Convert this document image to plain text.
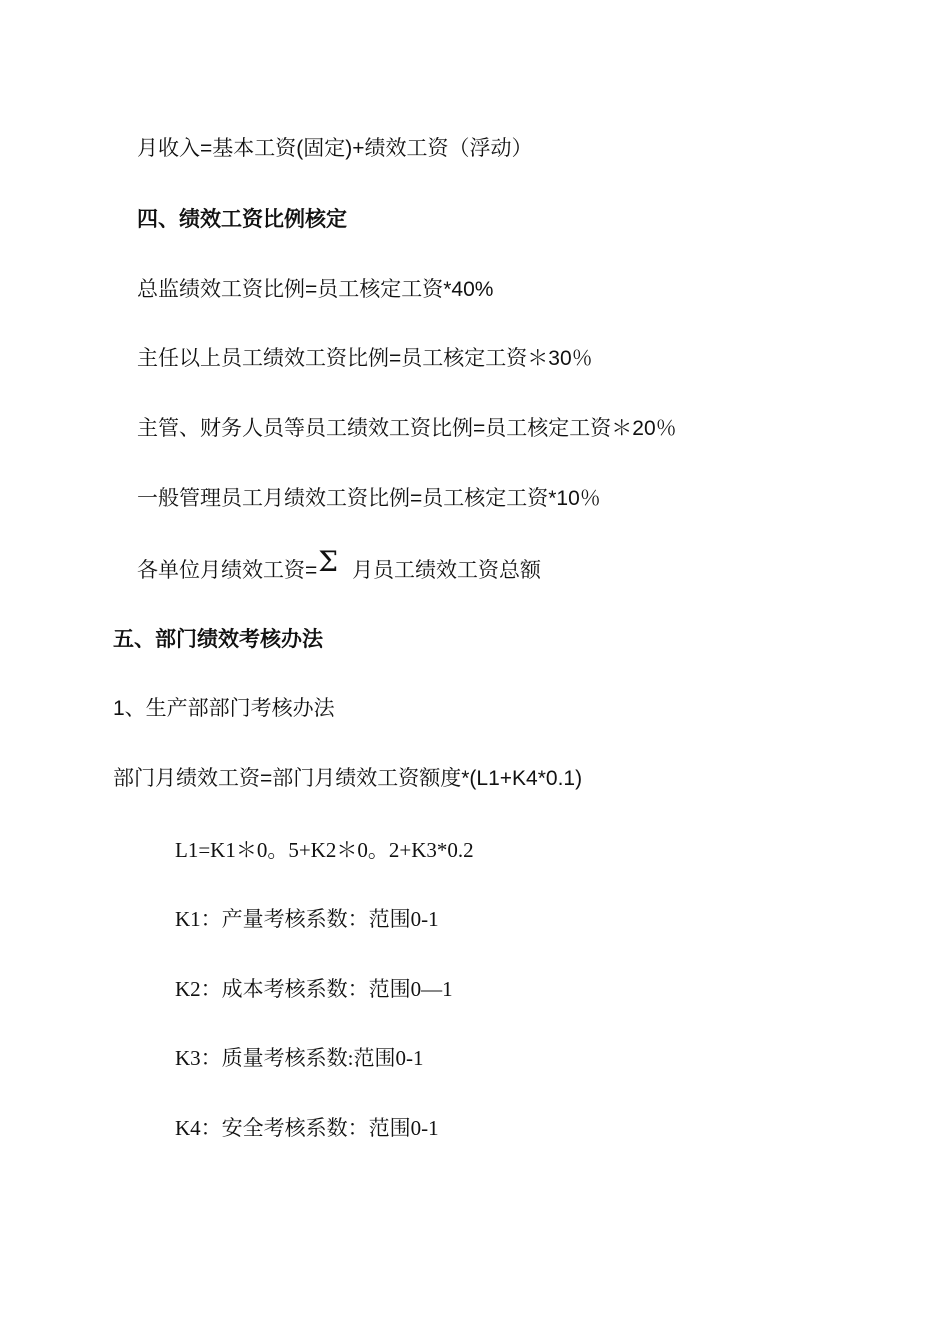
月收入=基本工资(固定)+绩效工资（浮动）
四、绩效工资比例核定
总监绩效工资比例=员工核定工资*40%
主任以上员工绩效工资比例=员工核定工资＊30％
主管、财务人员等员工绩效工资比例=员工核定工资＊20％
一般管理员工月绩效工资比例=员工核定工资*10％
各单位月绩效工资=Σ 月员工绩效工资总额
五、部门绩效考核办法
1、生产部部门考核办法
部门月绩效工资=部门月绩效工资额度*(L1+K4*0.1)
L1=K1＊0。5+K2＊0。2+K3*0.2
K1：产量考核系数：范围0-1
K2：成本考核系数：范围0—1
K3：质量考核系数:范围0-1
K4：安全考核系数：范围0-1
